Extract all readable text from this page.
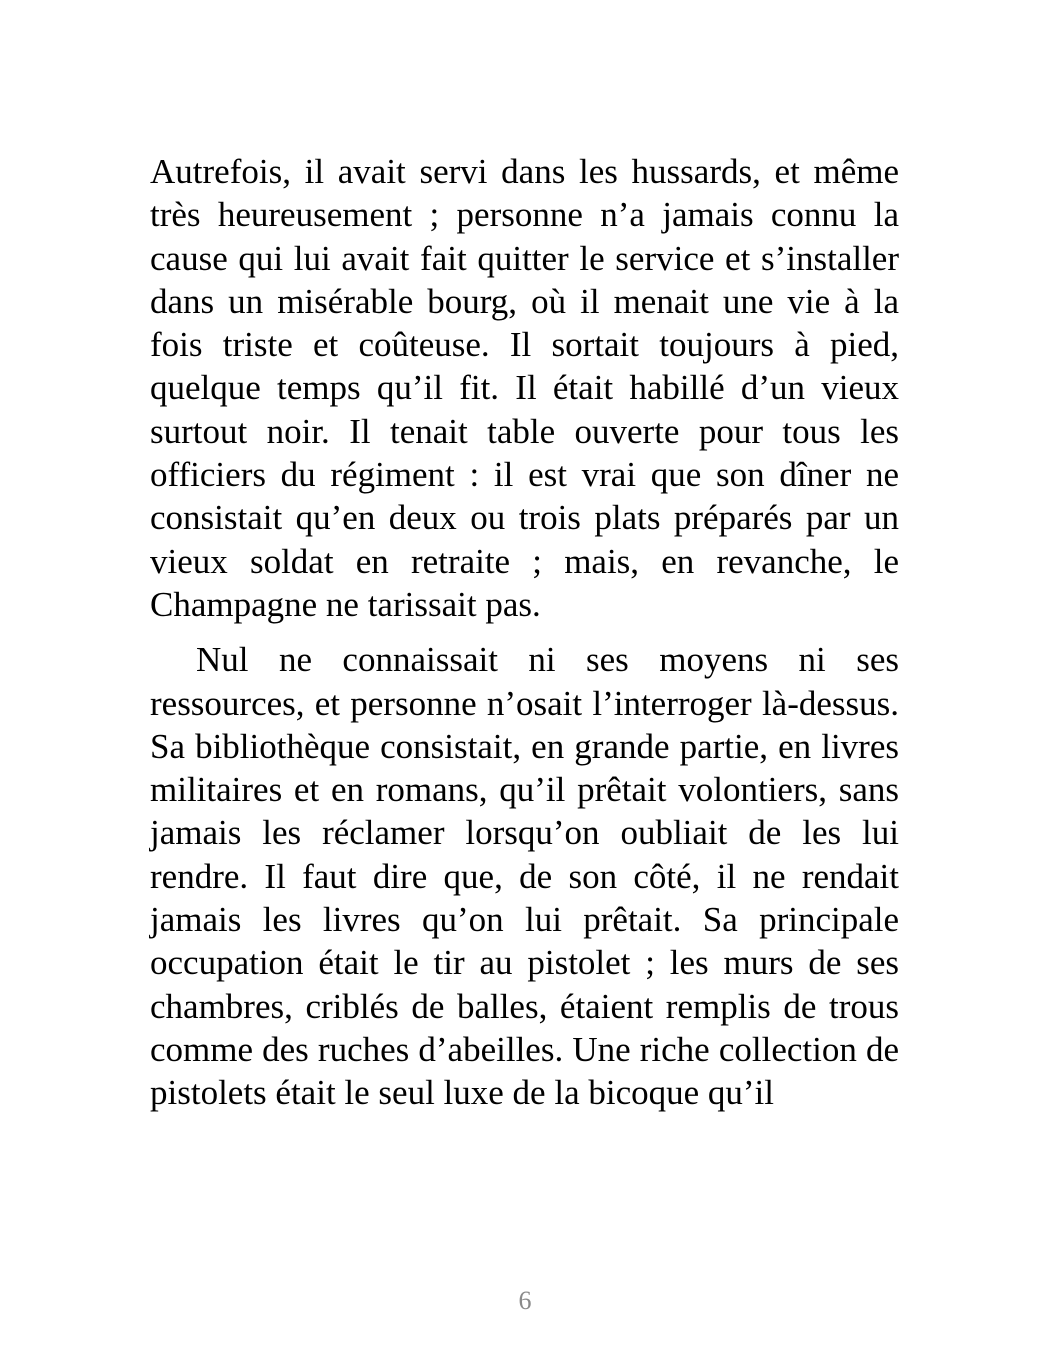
Autrefois, il avait servi dans les hussards, et même très heureusement ; personne n’a jamais connu la cause qui lui avait fait quitter le service et s’installer dans un misérable bourg, où il menait une vie à la fois triste et coûteuse. Il sortait toujours à pied, quelque temps qu’il fit. Il était habillé d’un vieux surtout noir. Il tenait table ouverte pour tous les officiers du régiment : il est vrai que son dîner ne consistait qu’en deux ou trois plats préparés par un vieux soldat en retraite ; mais, en revanche, le Champagne ne tarissait pas.

Nul ne connaissait ni ses moyens ni ses ressources, et personne n’osait l’interroger là-dessus. Sa bibliothèque consistait, en grande partie, en livres militaires et en romans, qu’il prêtait volontiers, sans jamais les réclamer lorsqu’on oubliait de les lui rendre. Il faut dire que, de son côté, il ne rendait jamais les livres qu’on lui prêtait. Sa principale occupation était le tir au pistolet ; les murs de ses chambres, criblés de balles, étaient remplis de trous comme des ruches d’abeilles. Une riche collection de pistolets était le seul luxe de la bicoque qu’il

6
